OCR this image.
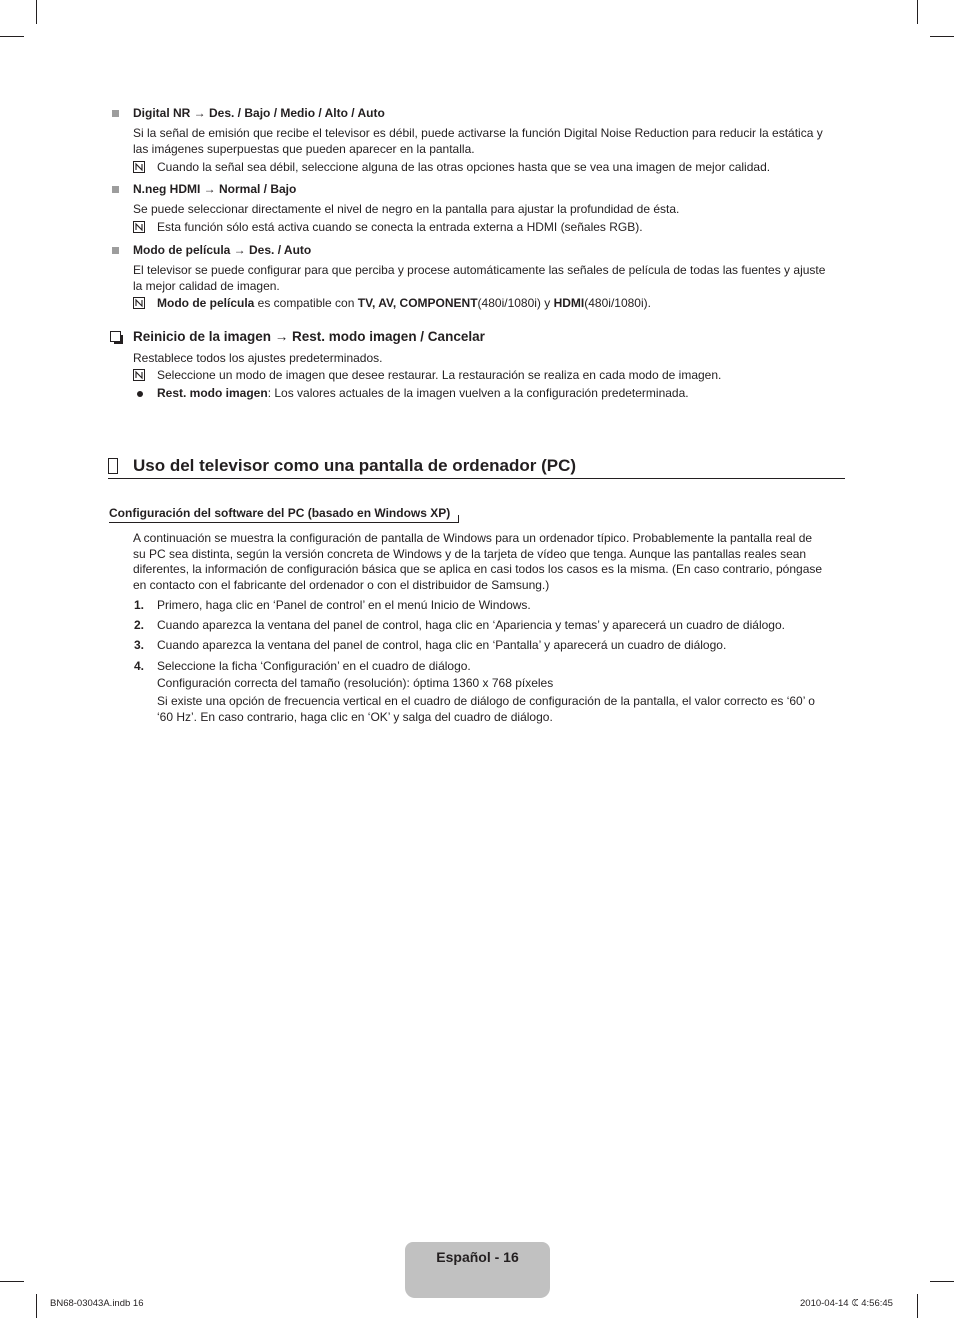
Digital NR → Des. / Bajo / Medio / Alto / Auto
Si la señal de emisión que recibe el televisor es débil, puede activarse la función Digital Noise Reduction para reducir la estática y
las imágenes superpuestas que pueden aparecer en la pantalla.
Cuando la señal sea débil, seleccione alguna de las otras opciones hasta que se vea una imagen de mejor calidad.
N.neg HDMI → Normal / Bajo
Se puede seleccionar directamente el nivel de negro en la pantalla para ajustar la profundidad de ésta.
Esta función sólo está activa cuando se conecta la entrada externa a HDMI (señales RGB).
Modo de película → Des. / Auto
El televisor se puede configurar para que perciba y procese automáticamente las señales de película de todas las fuentes y ajuste
la mejor calidad de imagen.
Modo de película es compatible con TV, AV, COMPONENT(480i/1080i) y HDMI(480i/1080i).
Reinicio de la imagen → Rest. modo imagen / Cancelar
Restablece todos los ajustes predeterminados.
Seleccione un modo de imagen que desee restaurar. La restauración se realiza en cada modo de imagen.
Rest. modo imagen: Los valores actuales de la imagen vuelven a la configuración predeterminada.
Uso del televisor como una pantalla de ordenador (PC)
Configuración del software del PC (basado en Windows XP)
A continuación se muestra la configuración de pantalla de Windows para un ordenador típico. Probablemente la pantalla real de
su PC sea distinta, según la versión concreta de Windows y de la tarjeta de vídeo que tenga. Aunque las pantallas reales sean
diferentes, la información de configuración básica que se aplica en casi todos los casos es la misma. (En caso contrario, póngase
en contacto con el fabricante del ordenador o con el distribuidor de Samsung.)
1. Primero, haga clic en ‘Panel de control’ en el menú Inicio de Windows.
2. Cuando aparezca la ventana del panel de control, haga clic en ‘Apariencia y temas’ y aparecerá un cuadro de diálogo.
3. Cuando aparezca la ventana del panel de control, haga clic en ‘Pantalla’ y aparecerá un cuadro de diálogo.
4. Seleccione la ficha ‘Configuración’ en el cuadro de diálogo.
Configuración correcta del tamaño (resolución): óptima 1360 x 768 píxeles
Si existe una opción de frecuencia vertical en el cuadro de diálogo de configuración de la pantalla, el valor correcto es ‘60’ o
‘60 Hz’. En caso contrario, haga clic en ‘OK’ y salga del cuadro de diálogo.
Español - 16
BN68-03043A.indb 16	2010-04-14 ꕆ 4:56:45
